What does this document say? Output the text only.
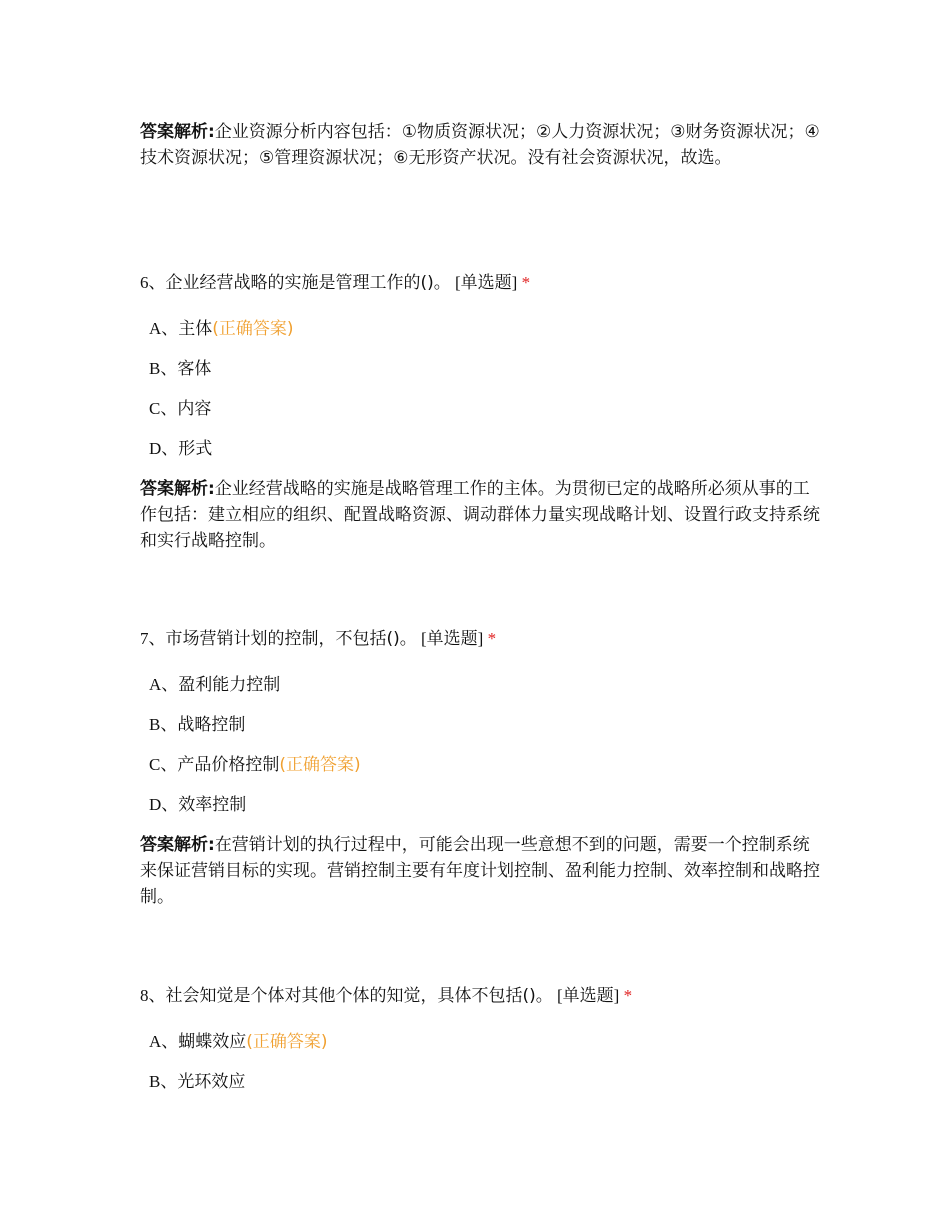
答案解析:企业资源分析内容包括：①物质资源状况；②人力资源状况；③财务资源状况；④技术资源状况；⑤管理资源状况；⑥无形资产状况。没有社会资源状况，故选。

6、企业经营战略的实施是管理工作的()。 [单选题] *

A、主体(正确答案)

B、客体

C、内容

D、形式

答案解析:企业经营战略的实施是战略管理工作的主体。为贯彻已定的战略所必须从事的工作包括：建立相应的组织、配置战略资源、调动群体力量实现战略计划、设置行政支持系统和实行战略控制。

7、市场营销计划的控制，不包括()。 [单选题] *

A、盈利能力控制

B、战略控制

C、产品价格控制(正确答案)

D、效率控制

答案解析:在营销计划的执行过程中，可能会出现一些意想不到的问题，需要一个控制系统来保证营销目标的实现。营销控制主要有年度计划控制、盈利能力控制、效率控制和战略控制。

8、社会知觉是个体对其他个体的知觉，具体不包括()。 [单选题] *

A、蝴蝶效应(正确答案)

B、光环效应
